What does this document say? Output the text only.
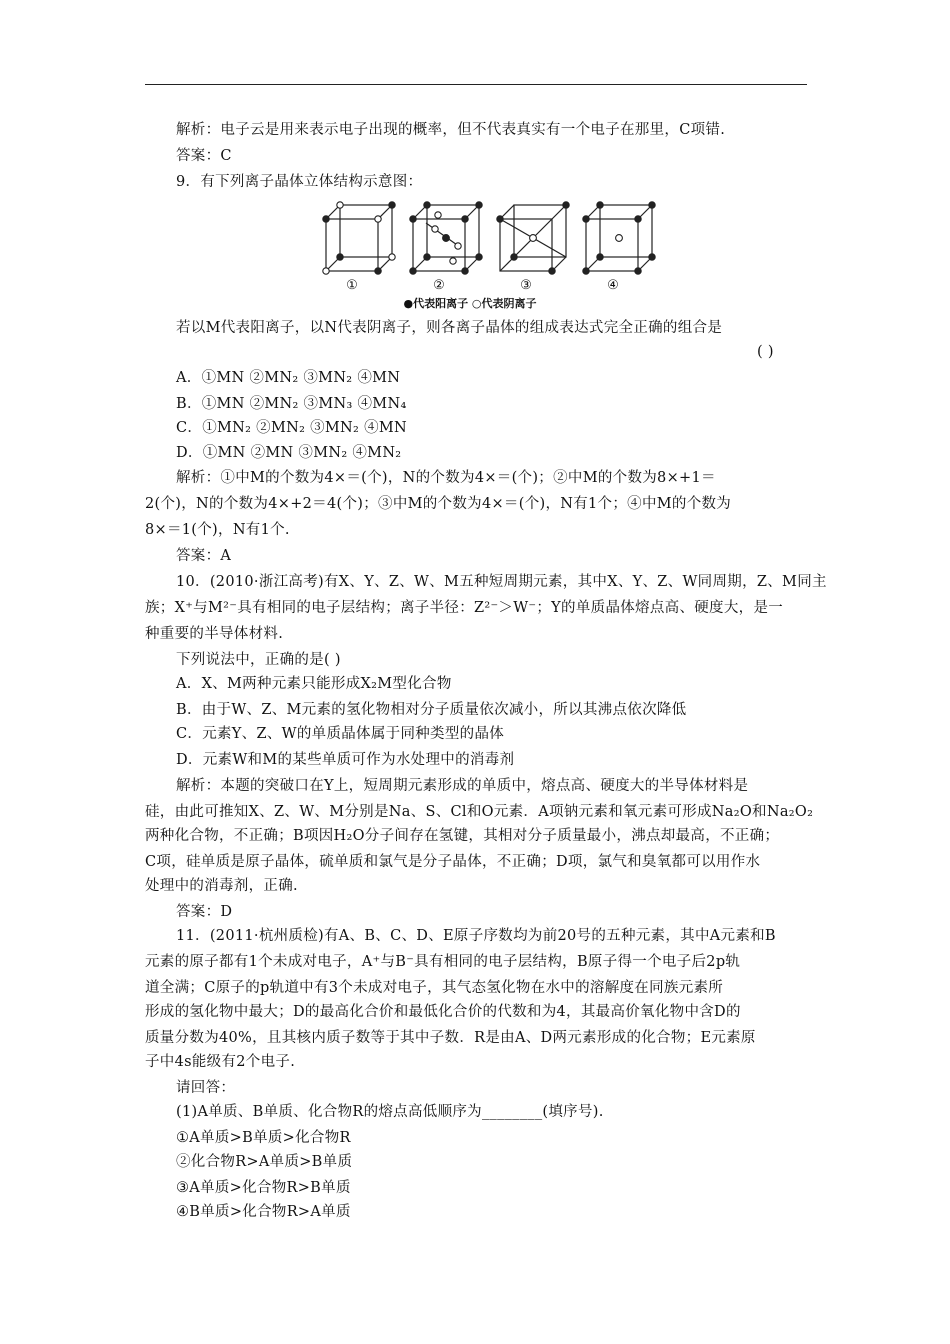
解析：电子云是用来表示电子出现的概率，但不代表真实有一个电子在那里，C项错.
答案：C
9．有下列离子晶体立体结构示意图：
①	②	③	④
●代表阳离子 ○代表阴离子
若以M代表阳离子，以N代表阴离子，则各离子晶体的组成表达式完全正确的组合是
( )
A．①MN ②MN₂ ③MN₂ ④MN
B．①MN ②MN₂ ③MN₃ ④MN₄
C．①MN₂ ②MN₂ ③MN₂ ④MN
D．①MN ②MN ③MN₂ ④MN₂
解析：①中M的个数为4×＝(个)，N的个数为4×＝(个)；②中M的个数为8×+1＝
2(个)，N的个数为4×+2＝4(个)；③中M的个数为4×＝(个)，N有1个；④中M的个数为
8×＝1(个)，N有1个.
答案：A
10．(2010·浙江高考)有X、Y、Z、W、M五种短周期元素，其中X、Y、Z、W同周期，Z、M同主
族；X⁺与M²⁻具有相同的电子层结构；离子半径：Z²⁻＞W⁻；Y的单质晶体熔点高、硬度大，是一
种重要的半导体材料.
下列说法中，正确的是( )
A．X、M两种元素只能形成X₂M型化合物
B．由于W、Z、M元素的氢化物相对分子质量依次减小，所以其沸点依次降低
C．元素Y、Z、W的单质晶体属于同种类型的晶体
D．元素W和M的某些单质可作为水处理中的消毒剂
解析：本题的突破口在Y上，短周期元素形成的单质中，熔点高、硬度大的半导体材料是
硅，由此可推知X、Z、W、M分别是Na、S、Cl和O元素．A项钠元素和氧元素可形成Na₂O和Na₂O₂
两种化合物，不正确；B项因H₂O分子间存在氢键，其相对分子质量最小，沸点却最高，不正确；
C项，硅单质是原子晶体，硫单质和氯气是分子晶体，不正确；D项，氯气和臭氧都可以用作水
处理中的消毒剂，正确.
答案：D
11．(2011·杭州质检)有A、B、C、D、E原子序数均为前20号的五种元素，其中A元素和B
元素的原子都有1个未成对电子，A⁺与B⁻具有相同的电子层结构，B原子得一个电子后2p轨
道全满；C原子的p轨道中有3个未成对电子，其气态氢化物在水中的溶解度在同族元素所
形成的氢化物中最大；D的最高化合价和最低化合价的代数和为4，其最高价氧化物中含D的
质量分数为40%，且其核内质子数等于其中子数．R是由A、D两元素形成的化合物；E元素原
子中4s能级有2个电子.
请回答：
(1)A单质、B单质、化合物R的熔点高低顺序为________(填序号).
①A单质>B单质>化合物R
②化合物R>A单质>B单质
③A单质>化合物R>B单质
④B单质>化合物R>A单质
